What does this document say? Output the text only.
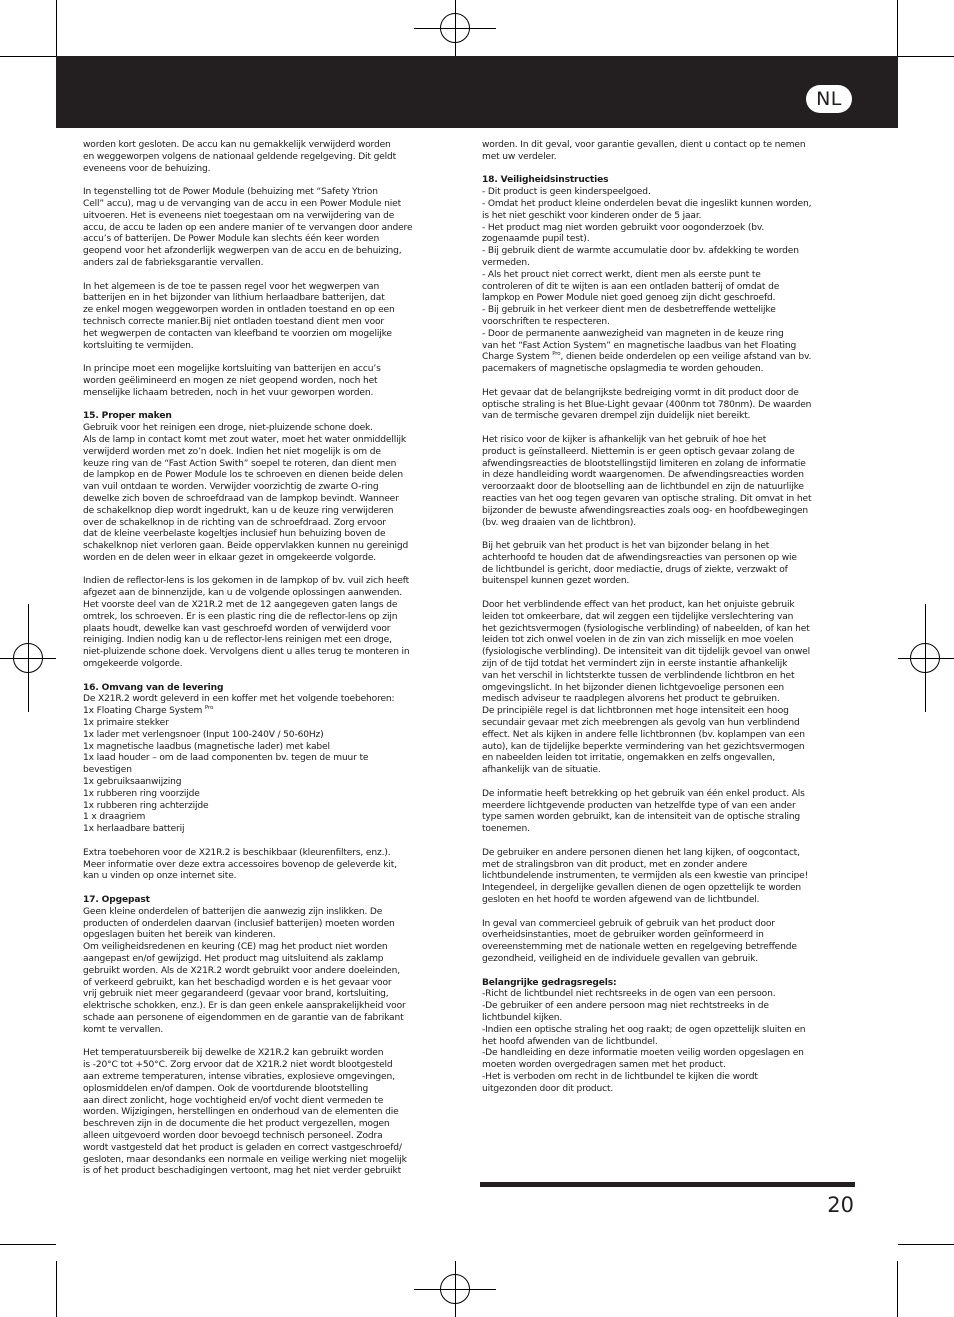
NL

worden kort gesloten. De accu kan nu gemakkelijk verwijderd worden
en weggeworpen volgens de nationaal geldende regelgeving. Dit geldt
eveneens voor de behuizing.

In tegenstelling tot de Power Module (behuizing met “Safety Ytrion
Cell” accu), mag u de vervanging van de accu in een Power Module niet
uitvoeren. Het is eveneens niet toegestaan om na verwijdering van de
accu, de accu te laden op een andere manier of te vervangen door andere
accu’s of batterijen. De Power Module kan slechts één keer worden
geopend voor het afzonderlijk wegwerpen van de accu en de behuizing,
anders zal de fabrieksgarantie vervallen.

In het algemeen is de toe te passen regel voor het wegwerpen van
batterijen en in het bijzonder van lithium herlaadbare batterijen, dat
ze enkel mogen weggeworpen worden in ontladen toestand en op een
technisch correcte manier.Bij niet ontladen toestand dient men voor
het wegwerpen de contacten van kleefband te voorzien om mogelijke
kortsluiting te vermijden.

In principe moet een mogelijke kortsluiting van batterijen en accu’s
worden geëlimineerd en mogen ze niet geopend worden, noch het
menselijke lichaam betreden, noch in het vuur geworpen worden.

15. Proper maken

Gebruik voor het reinigen een droge, niet-pluizende schone doek.
Als de lamp in contact komt met zout water, moet het water onmiddellijk
verwijderd worden met zo’n doek. Indien het niet mogelijk is om de
keuze ring van de “Fast Action Swith” soepel te roteren, dan dient men
de lampkop en de Power Module los te schroeven en dienen beide delen
van vuil ontdaan te worden. Verwijder voorzichtig de zwarte O-ring
dewelke zich boven de schroefdraad van de lampkop bevindt. Wanneer
de schakelknop diep wordt ingedrukt, kan u de keuze ring verwijderen
over de schakelknop in de richting van de schroefdraad. Zorg ervoor
dat de kleine veerbelaste kogeltjes inclusief hun behuizing boven de
schakelknop niet verloren gaan. Beide oppervlakken kunnen nu gereinigd
worden en de delen weer in elkaar gezet in omgekeerde volgorde.

Indien de reflector-lens is los gekomen in de lampkop of bv. vuil zich heeft
afgezet aan de binnenzijde, kan u de volgende oplossingen aanwenden.
Het voorste deel van de X21R.2 met de 12 aangegeven gaten langs de
omtrek, los schroeven. Er is een plastic ring die de reflector-lens op zijn
plaats houdt, dewelke kan vast geschroefd worden of verwijderd voor
reiniging. Indien nodig kan u de reflector-lens reinigen met een droge,
niet-pluizende schone doek. Vervolgens dient u alles terug te monteren in
omgekeerde volgorde.

16. Omvang van de levering

De X21R.2 wordt geleverd in een koffer met het volgende toebehoren:

1x Floating Charge System $^{Pro}$
1x primaire stekker
1x lader met verlengsnoer (Input 100-240V / 50-60Hz)
1x magnetische laadbus (magnetische lader) met kabel
1x laad houder – om de laad componenten bv. tegen de muur te
bevestigen
1x gebruiksaanwijzing
1x rubberen ring voorzijde
1x rubberen ring achterzijde
1 x draagriem
1x herlaadbare batterij

Extra toebehoren voor de X21R.2 is beschikbaar (kleurenfilters, enz.).
Meer informatie over deze extra accessoires bovenop de geleverde kit,
kan u vinden op onze internet site.

17. Opgepast

Geen kleine onderdelen of batterijen die aanwezig zijn inslikken. De
producten of onderdelen daarvan (inclusief batterijen) moeten worden
opgeslagen buiten het bereik van kinderen.
Om veiligheidsredenen en keuring (CE) mag het product niet worden
aangepast en/of gewijzigd. Het product mag uitsluitend als zaklamp
gebruikt worden. Als de X21R.2 wordt gebruikt voor andere doeleinden,
of verkeerd gebruikt, kan het beschadigd worden e is het gevaar voor
vrij gebruik niet meer gegarandeerd (gevaar voor brand, kortsluiting,
elektrische schokken, enz.). Er is dan geen enkele aansprakelijkheid voor
schade aan personene of eigendommen en de garantie van de fabrikant
komt te vervallen.

Het temperatuursbereik bij dewelke de X21R.2 kan gebruikt worden
is -20°C tot +50°C. Zorg ervoor dat de X21R.2 niet wordt blootgesteld
aan extreme temperaturen, intense vibraties, explosieve omgevingen,
oplosmiddelen en/of dampen. Ook de voortdurende blootstelling
aan direct zonlicht, hoge vochtigheid en/of vocht dient vermeden te
worden. Wijzigingen, herstellingen en onderhoud van de elementen die
beschreven zijn in de documente die het product vergezellen, mogen
alleen uitgevoerd worden door bevoegd technisch personeel. Zodra
wordt vastgesteld dat het product is geladen en correct vastgeschroefd/
gesloten, maar desondanks een normale en veilige werking niet mogelijk
is of het product beschadigingen vertoont, mag het niet verder gebruikt

worden. In dit geval, voor garantie gevallen, dient u contact op te nemen
met uw verdeler.

18. Veiligheidsinstructies

- Dit product is geen kinderspeelgoed.
- Omdat het product kleine onderdelen bevat die ingeslikt kunnen worden,
is het niet geschikt voor kinderen onder de 5 jaar.
- Het product mag niet worden gebruikt voor oogonderzoek (bv.
zogenaamde pupil test).
- Bij gebruik dient de warmte accumulatie door bv. afdekking te worden
vermeden.
- Als het prouct niet correct werkt, dient men als eerste punt te
controleren of dit te wijten is aan een ontladen batterij of omdat de
lampkop en Power Module niet goed genoeg zijn dicht geschroefd.
- Bij gebruik in het verkeer dient men de desbetreffende wettelijke
voorschriften te respecteren.
- Door de permanente aanwezigheid van magneten in de keuze ring
van het “Fast Action System” en magnetische laadbus van het Floating
Charge System $^{Pro}$, dienen beide onderdelen op een veilige afstand van bv.
pacemakers of magnetische opslagmedia te worden gehouden.

Het gevaar dat de belangrijkste bedreiging vormt in dit product door de
optische straling is het Blue-Light gevaar (400nm tot 780nm). De waarden
van de termische gevaren drempel zijn duidelijk niet bereikt.

Het risico voor de kijker is afhankelijk van het gebruik of hoe het
product is geïnstalleerd. Niettemin is er geen optisch gevaar zolang de
afwendingsreacties de blootstellingstijd limiteren en zolang de informatie
in deze handleiding wordt waargenomen. De afwendingsreacties worden
veroorzaakt door de blootselling aan de lichtbundel en zijn de natuurlijke
reacties van het oog tegen gevaren van optische straling. Dit omvat in het
bijzonder de bewuste afwendingsreacties zoals oog- en hoofdbewegingen
(bv. weg draaien van de lichtbron).

Bij het gebruik van het product is het van bijzonder belang in het
achterhoofd te houden dat de afwendingsreacties van personen op wie
de lichtbundel is gericht, door mediactie, drugs of ziekte, verzwakt of
buitenspel kunnen gezet worden.

Door het verblindende effect van het product, kan het onjuiste gebruik
leiden tot omkeerbare, dat wil zeggen een tijdelijke verslechtering van
het gezichtsvermogen (fysiologische verblinding) of nabeelden, of kan het
leiden tot zich onwel voelen in de zin van zich misselijk en moe voelen
(fysiologische verblinding). De intensiteit van dit tijdelijk gevoel van onwel
zijn of de tijd totdat het vermindert zijn in eerste instantie afhankelijk
van het verschil in lichtsterkte tussen de verblindende lichtbron en het
omgevingslicht. In het bijzonder dienen lichtgevoelige personen een
medisch adviseur te raadplegen alvorens het product te gebruiken.
De principiële regel is dat lichtbronnen met hoge intensiteit een hoog
secundair gevaar met zich meebrengen als gevolg van hun verblindend
effect. Net als kijken in andere felle lichtbronnen (bv. koplampen van een
auto), kan de tijdelijke beperkte vermindering van het gezichtsvermogen
en nabeelden leiden tot irritatie, ongemakken en zelfs ongevallen,
afhankelijk van de situatie.

De informatie heeft betrekking op het gebruik van één enkel product. Als
meerdere lichtgevende producten van hetzelfde type of van een ander
type samen worden gebruikt, kan de intensiteit van de optische straling
toenemen.

De gebruiker en andere personen dienen het lang kijken, of oogcontact,
met de stralingsbron van dit product, met en zonder andere
lichtbundelende instrumenten, te vermijden als een kwestie van principe!
Integendeel, in dergelijke gevallen dienen de ogen opzettelijk te worden
gesloten en het hoofd te worden afgewend van de lichtbundel.

In geval van commercieel gebruik of gebruik van het product door
overheidsinstanties, moet de gebruiker worden geïnformeerd in
overeenstemming met de nationale wetten en regelgeving betreffende
gezondheid, veiligheid en de individuele gevallen van gebruik.

Belangrijke gedragsregels:

-Richt de lichtbundel niet rechtsreeks in de ogen van een persoon.
-De gebruiker of een andere persoon mag niet rechtstreeks in de
lichtbundel kijken.
-Indien een optische straling het oog raakt; de ogen opzettelijk sluiten en
het hoofd afwenden van de lichtbundel.
-De handleiding en deze informatie moeten veilig worden opgeslagen en
moeten worden overgedragen samen met het product.
-Het is verboden om recht in de lichtbundel te kijken die wordt
uitgezonden door dit product.

20
